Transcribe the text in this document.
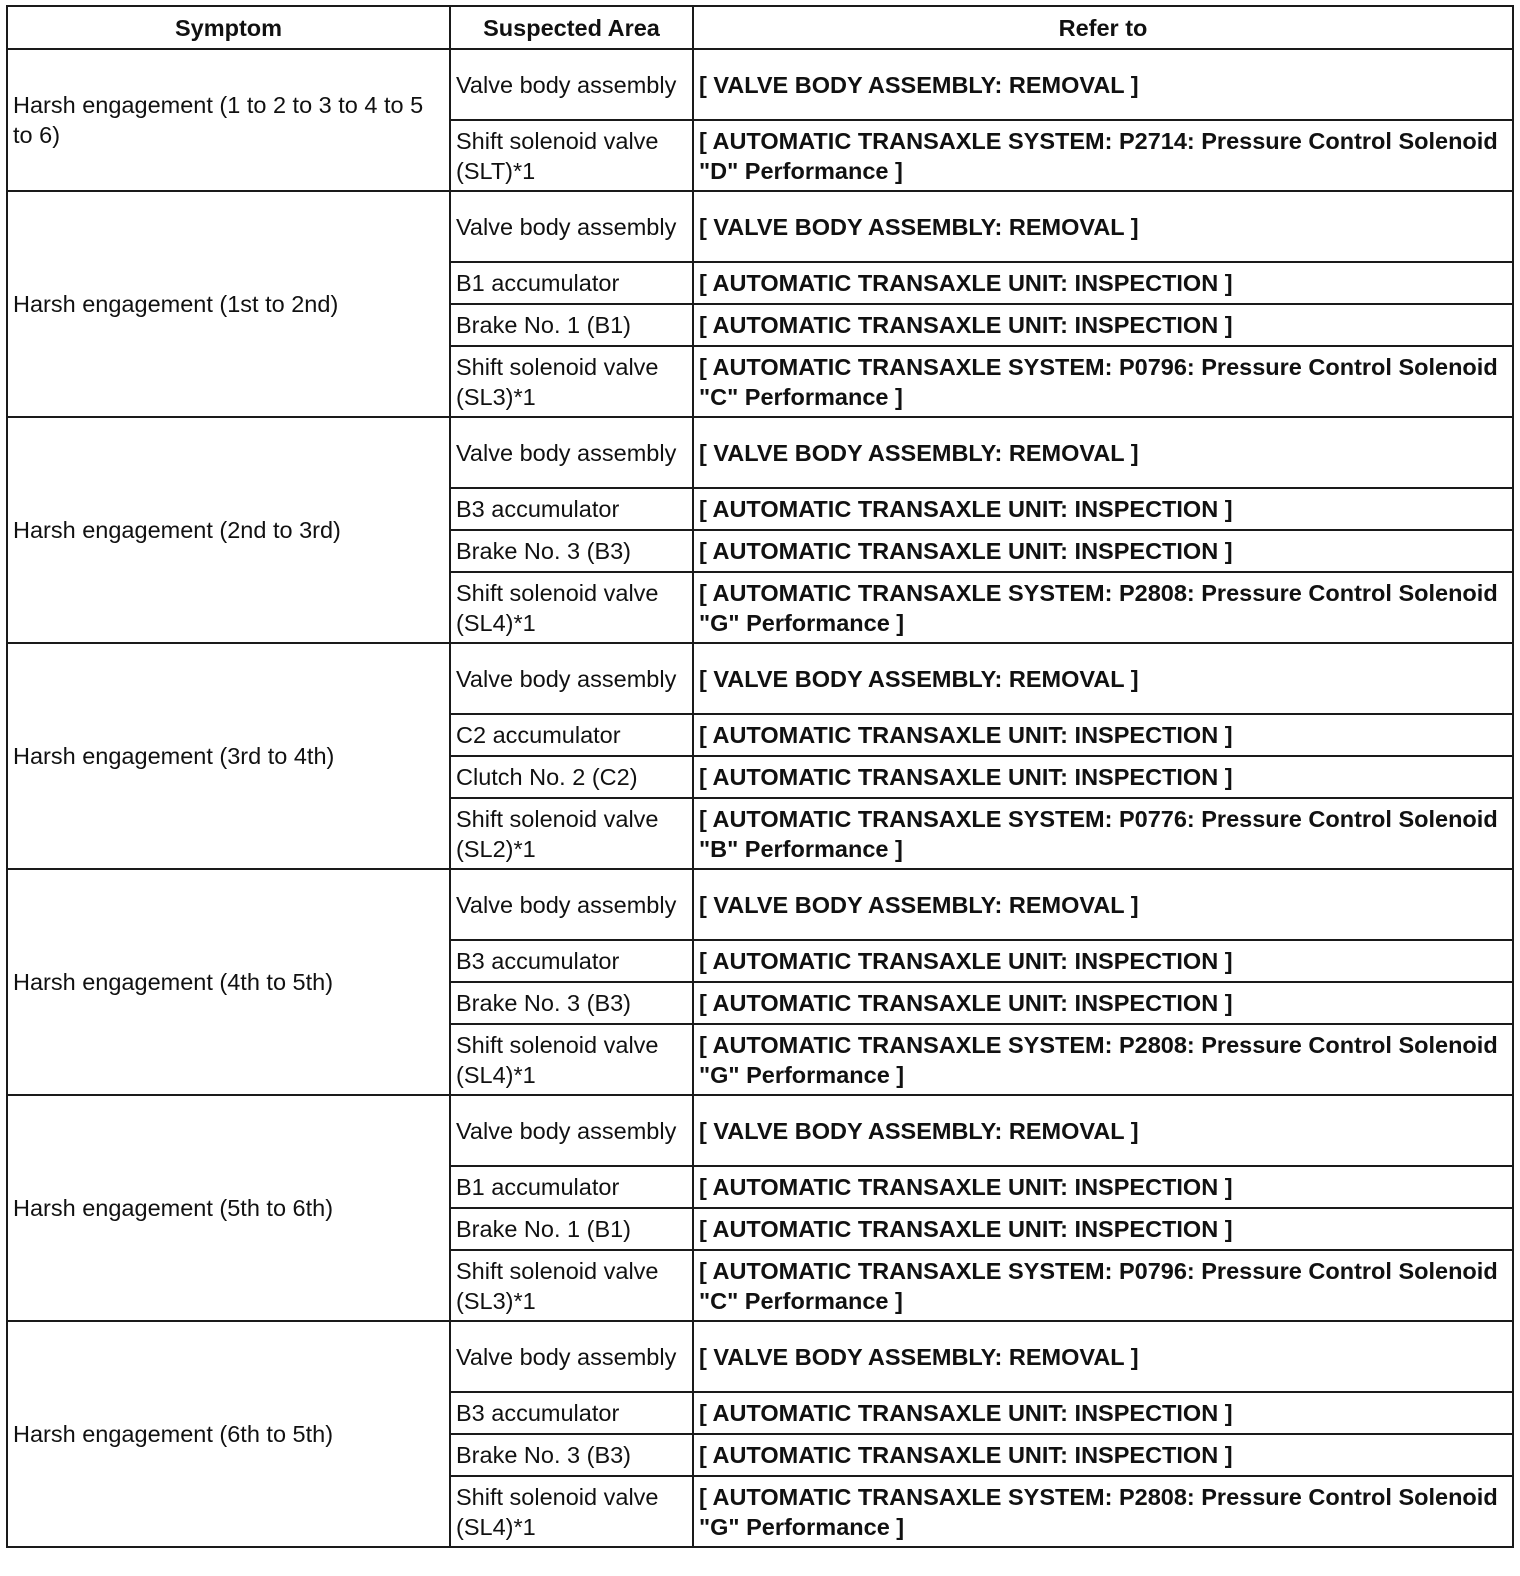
Symptom	Suspected Area	Refer to
Harsh engagement (1 to 2 to 3 to 4 to 5 to 6)	Valve body assembly	[ VALVE BODY ASSEMBLY: REMOVAL ]
	Shift solenoid valve (SLT)*1	[ AUTOMATIC TRANSAXLE SYSTEM: P2714: Pressure Control Solenoid "D" Performance ]
Harsh engagement (1st to 2nd)	Valve body assembly	[ VALVE BODY ASSEMBLY: REMOVAL ]
	B1 accumulator	[ AUTOMATIC TRANSAXLE UNIT: INSPECTION ]
	Brake No. 1 (B1)	[ AUTOMATIC TRANSAXLE UNIT: INSPECTION ]
	Shift solenoid valve (SL3)*1	[ AUTOMATIC TRANSAXLE SYSTEM: P0796: Pressure Control Solenoid "C" Performance ]
Harsh engagement (2nd to 3rd)	Valve body assembly	[ VALVE BODY ASSEMBLY: REMOVAL ]
	B3 accumulator	[ AUTOMATIC TRANSAXLE UNIT: INSPECTION ]
	Brake No. 3 (B3)	[ AUTOMATIC TRANSAXLE UNIT: INSPECTION ]
	Shift solenoid valve (SL4)*1	[ AUTOMATIC TRANSAXLE SYSTEM: P2808: Pressure Control Solenoid "G" Performance ]
Harsh engagement (3rd to 4th)	Valve body assembly	[ VALVE BODY ASSEMBLY: REMOVAL ]
	C2 accumulator	[ AUTOMATIC TRANSAXLE UNIT: INSPECTION ]
	Clutch No. 2 (C2)	[ AUTOMATIC TRANSAXLE UNIT: INSPECTION ]
	Shift solenoid valve (SL2)*1	[ AUTOMATIC TRANSAXLE SYSTEM: P0776: Pressure Control Solenoid "B" Performance ]
Harsh engagement (4th to 5th)	Valve body assembly	[ VALVE BODY ASSEMBLY: REMOVAL ]
	B3 accumulator	[ AUTOMATIC TRANSAXLE UNIT: INSPECTION ]
	Brake No. 3 (B3)	[ AUTOMATIC TRANSAXLE UNIT: INSPECTION ]
	Shift solenoid valve (SL4)*1	[ AUTOMATIC TRANSAXLE SYSTEM: P2808: Pressure Control Solenoid "G" Performance ]
Harsh engagement (5th to 6th)	Valve body assembly	[ VALVE BODY ASSEMBLY: REMOVAL ]
	B1 accumulator	[ AUTOMATIC TRANSAXLE UNIT: INSPECTION ]
	Brake No. 1 (B1)	[ AUTOMATIC TRANSAXLE UNIT: INSPECTION ]
	Shift solenoid valve (SL3)*1	[ AUTOMATIC TRANSAXLE SYSTEM: P0796: Pressure Control Solenoid "C" Performance ]
Harsh engagement (6th to 5th)	Valve body assembly	[ VALVE BODY ASSEMBLY: REMOVAL ]
	B3 accumulator	[ AUTOMATIC TRANSAXLE UNIT: INSPECTION ]
	Brake No. 3 (B3)	[ AUTOMATIC TRANSAXLE UNIT: INSPECTION ]
	Shift solenoid valve (SL4)*1	[ AUTOMATIC TRANSAXLE SYSTEM: P2808: Pressure Control Solenoid "G" Performance ]
